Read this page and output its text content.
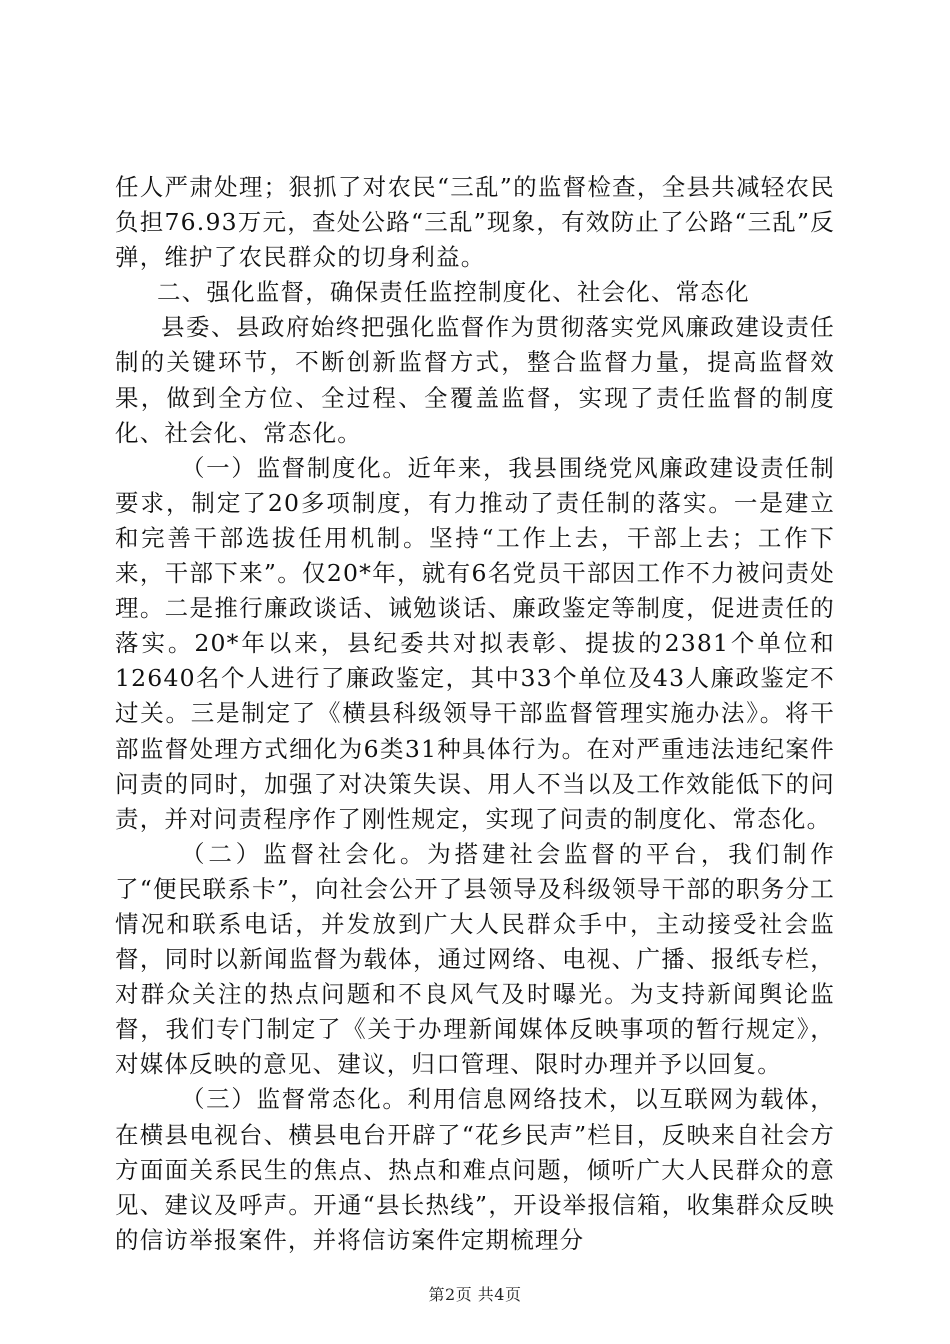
任人严肃处理；狠抓了对农民“三乱”的监督检查，全县共减轻农民负担76.93万元，查处公路“三乱”现象，有效防止了公路“三乱”反弹，维护了农民群众的切身利益。

二、强化监督，确保责任监控制度化、社会化、常态化

县委、县政府始终把强化监督作为贯彻落实党风廉政建设责任制的关键环节，不断创新监督方式，整合监督力量，提高监督效果，做到全方位、全过程、全覆盖监督，实现了责任监督的制度化、社会化、常态化。

（一）监督制度化。近年来，我县围绕党风廉政建设责任制要求，制定了20多项制度，有力推动了责任制的落实。一是建立和完善干部选拔任用机制。坚持“工作上去，干部上去；工作下来，干部下来”。仅20*年，就有6名党员干部因工作不力被问责处理。二是推行廉政谈话、诫勉谈话、廉政鉴定等制度，促进责任的落实。20*年以来，县纪委共对拟表彰、提拔的2381个单位和12640名个人进行了廉政鉴定，其中33个单位及43人廉政鉴定不过关。三是制定了《横县科级领导干部监督管理实施办法》。将干部监督处理方式细化为6类31种具体行为。在对严重违法违纪案件问责的同时，加强了对决策失误、用人不当以及工作效能低下的问责，并对问责程序作了刚性规定，实现了问责的制度化、常态化。

（二）监督社会化。为搭建社会监督的平台，我们制作了“便民联系卡”，向社会公开了县领导及科级领导干部的职务分工情况和联系电话，并发放到广大人民群众手中，主动接受社会监督，同时以新闻监督为载体，通过网络、电视、广播、报纸专栏，对群众关注的热点问题和不良风气及时曝光。为支持新闻舆论监督，我们专门制定了《关于办理新闻媒体反映事项的暂行规定》，对媒体反映的意见、建议，归口管理、限时办理并予以回复。

（三）监督常态化。利用信息网络技术，以互联网为载体，在横县电视台、横县电台开辟了“花乡民声”栏目，反映来自社会方方面面关系民生的焦点、热点和难点问题，倾听广大人民群众的意见、建议及呼声。开通“县长热线”，开设举报信箱，收集群众反映的信访举报案件，并将信访案件定期梳理分

第2页 共4页
